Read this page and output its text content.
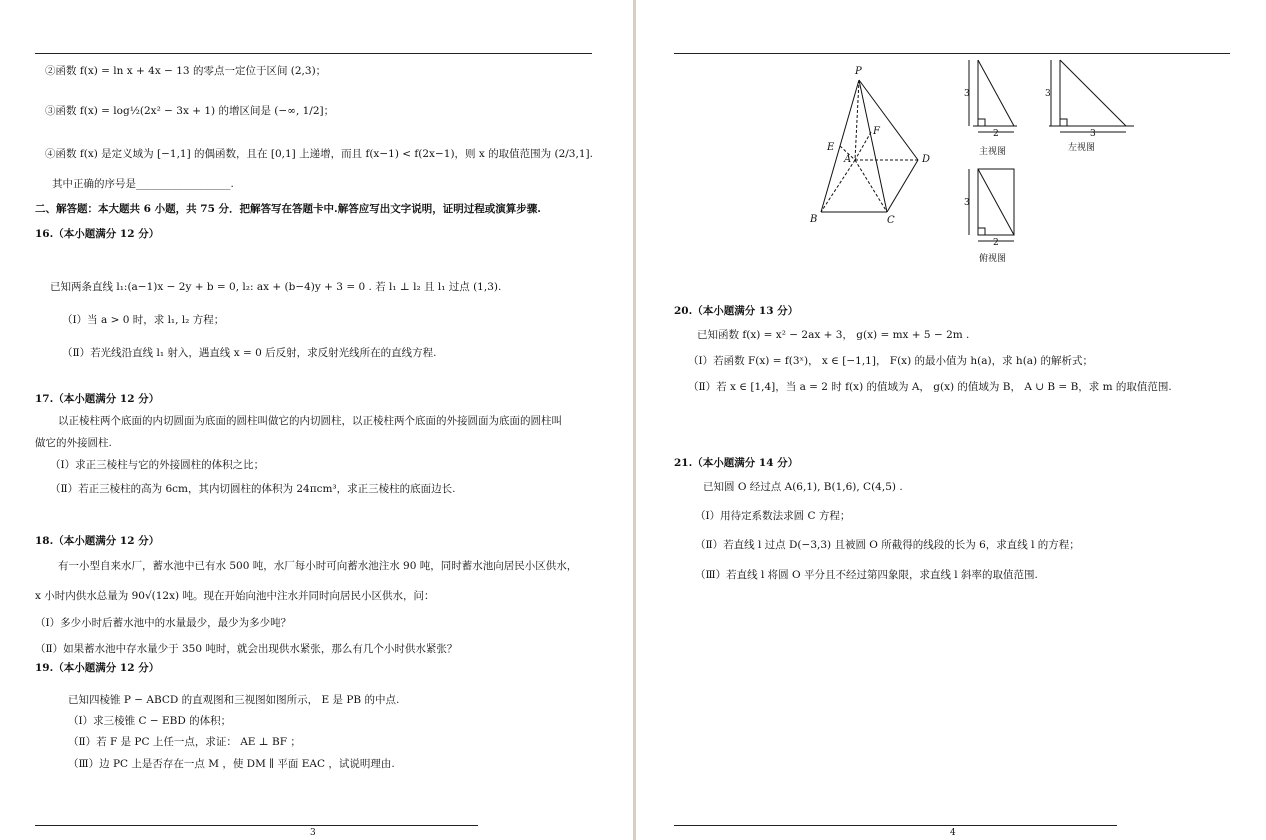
②函数 f(x) = ln x + 4x − 13 的零点一定位于区间 (2,3)；
③函数 f(x) = log½(2x² − 3x + 1) 的增区间是 (−∞, 1/2]；
④函数 f(x) 是定义域为 [−1,1] 的偶函数，且在 [0,1] 上递增，而且 f(x−1) < f(2x−1)，则 x 的取值范围为 (2/3,1].
其中正确的序号是__________________.
二、解答题：本大题共 6 小题，共 75 分．把解答写在答题卡中.解答应写出文字说明，证明过程或演算步骤.
16.（本小题满分 12 分）
已知两条直线 l₁:(a−1)x − 2y + b = 0, l₂: ax + (b−4)y + 3 = 0 . 若 l₁ ⊥ l₂ 且 l₁ 过点 (1,3).
（Ⅰ）当 a > 0 时，求 l₁, l₂ 方程；
（Ⅱ）若光线沿直线 l₁ 射入，遇直线 x = 0 后反射，求反射光线所在的直线方程.
17.（本小题满分 12 分）
以正棱柱两个底面的内切圆面为底面的圆柱叫做它的内切圆柱，以正棱柱两个底面的外接圆面为底面的圆柱叫
做它的外接圆柱.
（Ⅰ）求正三棱柱与它的外接圆柱的体积之比；
（Ⅱ）若正三棱柱的高为 6cm，其内切圆柱的体积为 24πcm³，求正三棱柱的底面边长.
18.（本小题满分 12 分）
有一小型自来水厂，蓄水池中已有水 500 吨，水厂每小时可向蓄水池注水 90 吨，同时蓄水池向居民小区供水，
x 小时内供水总量为 90√(12x) 吨。现在开始向池中注水并同时向居民小区供水，问：
（Ⅰ）多少小时后蓄水池中的水量最少，最少为多少吨？
（Ⅱ）如果蓄水池中存水量少于 350 吨时，就会出现供水紧张，那么有几个小时供水紧张？
19.（本小题满分 12 分）
已知四棱锥 P − ABCD 的直观图和三视图如图所示， E 是 PB 的中点.
（Ⅰ）求三棱锥 C − EBD 的体积；
（Ⅱ）若 F 是 PC 上任一点，求证： AE ⊥ BF ；
（Ⅲ）边 PC 上是否存在一点 M ，使 DM ∥ 平面 EAC ，试说明理由.
3
P
E
F
A	D
B	C
3
2
主视图
3
3
左视图
3
2
俯视图
20.（本小题满分 13 分）
已知函数 f(x) = x² − 2ax + 3， g(x) = mx + 5 − 2m .
（Ⅰ）若函数 F(x) = f(3ˣ)， x ∈ [−1,1]， F(x) 的最小值为 h(a)，求 h(a) 的解析式；
（Ⅱ）若 x ∈ [1,4]，当 a = 2 时 f(x) 的值域为 A， g(x) 的值域为 B， A ∪ B = B，求 m 的取值范围.
21.（本小题满分 14 分）
已知圆 O 经过点 A(6,1), B(1,6), C(4,5) .
（Ⅰ）用待定系数法求圆 C 方程；
（Ⅱ）若直线 l 过点 D(−3,3) 且被圆 O 所截得的线段的长为 6，求直线 l 的方程；
（Ⅲ）若直线 l 将圆 O 平分且不经过第四象限，求直线 l 斜率的取值范围.
4
